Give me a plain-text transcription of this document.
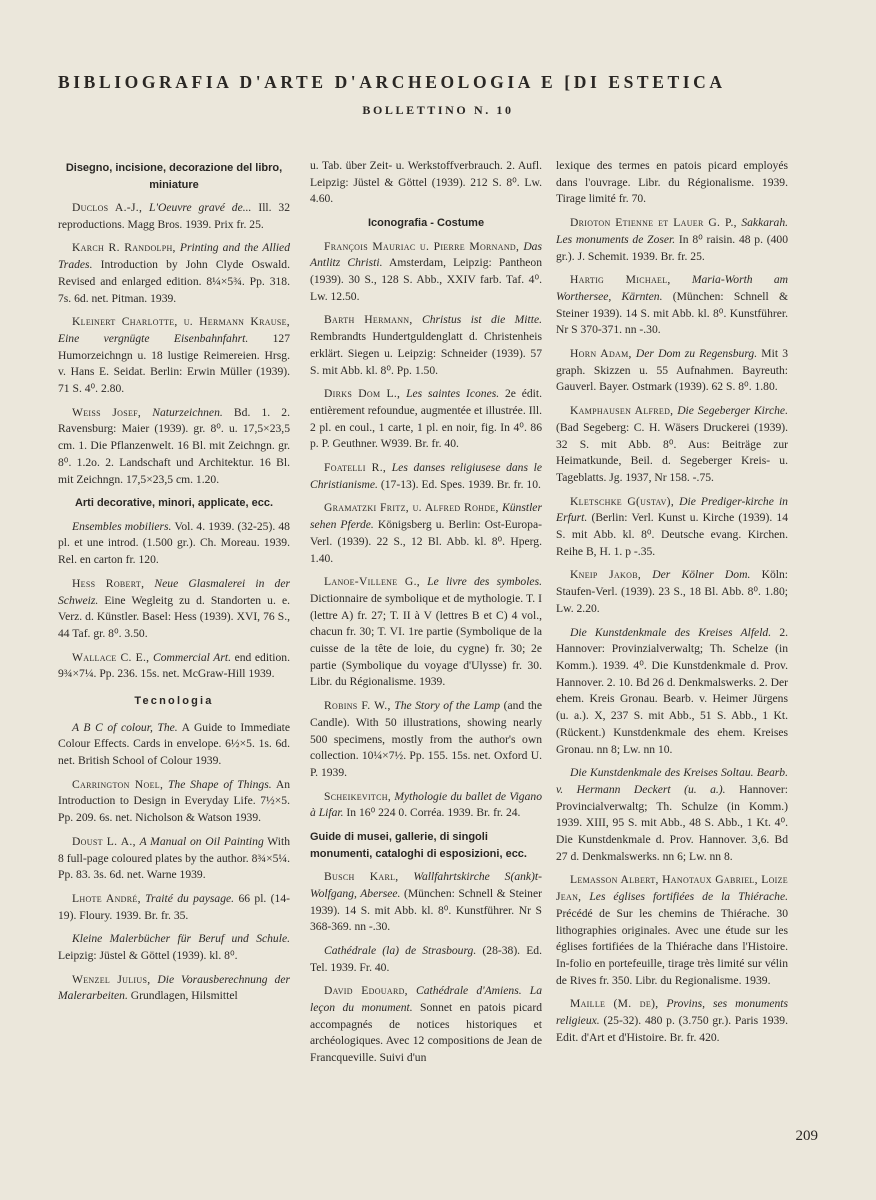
BIBLIOGRAFIA D'ARTE D'ARCHEOLOGIA E [DI ESTETICA
BOLLETTINO N. 10
Disegno, incisione, decorazione del libro, miniature
Duclos A.-J., L'Oeuvre gravé de... Ill. 32 reproductions. Magg Bros. 1939. Prix fr. 25.
Karch R. Randolph, Printing and the Allied Trades. Introduction by John Clyde Oswald. Revised and enlarged edition. 8¼×5¾. Pp. 318. 7s. 6d. net. Pitman. 1939.
Kleinert Charlotte, u. Hermann Krause, Eine vergnügte Eisenbahnfahrt. 127 Humorzeichngn u. 18 lustige Reimereien. Hrsg. v. Hans E. Seidat. Berlin: Erwin Müller (1939). 71 S. 4⁰. 2.80.
Weiss Josef, Naturzeichnen. Bd. 1. 2. Ravensburg: Maier (1939). gr. 8⁰. u. 17,5×23,5 cm. 1. Die Pflanzenwelt. 16 Bl. mit Zeichngn. gr. 8⁰. 1.2o. 2. Landschaft und Architektur. 16 Bl. mit Zeichngn. 17,5×23,5 cm. 1.20.
Arti decorative, minori, applicate, ecc.
Ensembles mobiliers. Vol. 4. 1939. (32-25). 48 pl. et une introd. (1.500 gr.). Ch. Moreau. 1939. Rel. en carton fr. 120.
Hess Robert, Neue Glasmalerei in der Schweiz. Eine Wegleitg zu d. Standorten u. e. Verz. d. Künstler. Basel: Hess (1939). XVI, 76 S., 44 Taf. gr. 8⁰. 3.50.
Wallace C. E., Commercial Art. end edition. 9¾×7¼. Pp. 236. 15s. net. McGraw-Hill 1939.
Tecnologia
A B C of colour, The. A Guide to Immediate Colour Effects. Cards in envelope. 6½×5. 1s. 6d. net. British School of Colour 1939.
Carrington Noel, The Shape of Things. An Introduction to Design in Everyday Life. 7½×5. Pp. 209. 6s. net. Nicholson & Watson 1939.
Doust L. A., A Manual on Oil Painting With 8 full-page coloured plates by the author. 8¾×5¼. Pp. 83. 3s. 6d. net. Warne 1939.
Lhote André, Traité du paysage. 66 pl. (14-19). Floury. 1939. Br. fr. 35.
Kleine Malerbücher für Beruf und Schule. Leipzig: Jüstel & Göttel (1939). kl. 8⁰.
Wenzel Julius, Die Vorausberechnung der Malerarbeiten. Grundlagen, Hilsmittel
u. Tab. über Zeit- u. Werkstoffverbrauch. 2. Aufl. Leipzig: Jüstel & Göttel (1939). 212 S. 8⁰. Lw. 4.60.
Iconografia - Costume
François Mauriac u. Pierre Mornand, Das Antlitz Christi. Amsterdam, Leipzig: Pantheon (1939). 30 S., 128 S. Abb., XXIV farb. Taf. 4⁰. Lw. 12.50.
Barth Hermann, Christus ist die Mitte. Rembrandts Hundertguldenglatt d. Christenheis erklärt. Siegen u. Leipzig: Schneider (1939). 57 S. mit Abb. kl. 8⁰. Pp. 1.50.
Dirks Dom L., Les saintes Icones. 2e édit. entièrement refoundue, augmentée et illustrée. Ill. 2 pl. en coul., 1 carte, 1 pl. en noir, fig. In 4⁰. 86 p. P. Geuthner. W939. Br. fr. 40.
Foatelli R., Les danses religiusese dans le Christianisme. (17-13). Ed. Spes. 1939. Br. fr. 10.
Gramatzki Fritz, u. Alfred Rohde, Künstler sehen Pferde. Königsberg u. Berlin: Ost-Europa-Verl. (1939). 22 S., 12 Bl. Abb. kl. 8⁰. Hperg. 1.40.
Lanoe-Villene G., Le livre des symboles. Dictionnaire de symbolique et de mythologie. T. I (lettre A) fr. 27; T. II à V (lettres B et C) 4 vol., chacun fr. 30; T. VI. 1re partie (Symbolique de la cuisse de la tête de loie, du cygne) fr. 30; 2e partie (Symbolique du voyage d'Ulysse) fr. 30. Libr. du Régionalisme. 1939.
Robins F. W., The Story of the Lamp (and the Candle). With 50 illustrations, showing nearly 500 specimens, mostly from the author's own collection. 10¼×7½. Pp. 155. 15s. net. Oxford U. P. 1939.
Scheikevitch, Mythologie du ballet de Vigano à Lifar. In 16⁰ 224 0. Corréa. 1939. Br. fr. 24.
Guide di musei, gallerie, di singoli monumenti, cataloghi di esposizioni, ecc.
Busch Karl, Wallfahrtskirche S(ank)t-Wolfgang, Abersee. (München: Schnell & Steiner 1939). 14 S. mit Abb. kl. 8⁰. Kunstführer. Nr S 368-369. nn -.30.
Cathédrale (la) de Strasbourg. (28-38). Ed. Tel. 1939. Fr. 40.
David Edouard, Cathédrale d'Amiens. La leçon du monument. Sonnet en patois picard accompagnés de notices historiques et archéologiques. Avec 12 compositions de Jean de Francqueville. Suivi d'un
lexique des termes en patois picard employés dans l'ouvrage. Libr. du Régionalisme. 1939. Tirage limité fr. 70.
Drioton Etienne et Lauer G. P., Sakkarah. Les monuments de Zoser. In 8⁰ raisin. 48 p. (400 gr.). J. Schemit. 1939. Br. fr. 25.
Hartig Michael, Maria-Worth am Worthersee, Kärnten. (München: Schnell & Steiner 1939). 14 S. mit Abb. kl. 8⁰. Kunstführer. Nr S 370-371. nn -.30.
Horn Adam, Der Dom zu Regensburg. Mit 3 graph. Skizzen u. 55 Aufnahmen. Bayreuth: Gauverl. Bayer. Ostmark (1939). 62 S. 8⁰. 1.80.
Kamphausen Alfred, Die Segeberger Kirche. (Bad Segeberg: C. H. Wäsers Druckerei (1939). 32 S. mit Abb. 8⁰. Aus: Beiträge zur Heimatkunde, Beil. d. Segeberger Kreis- u. Tageblatts. Jg. 1937, Nr 158. -.75.
Kletschke G(ustav), Die Prediger-kirche in Erfurt. (Berlin: Verl. Kunst u. Kirche (1939). 14 S. mit Abb. kl. 8⁰. Deutsche evang. Kirchen. Reihe B, H. 1. p -.35.
Kneip Jakob, Der Kölner Dom. Köln: Staufen-Verl. (1939). 23 S., 18 Bl. Abb. 8⁰. 1.80; Lw. 2.20.
Die Kunstdenkmale des Kreises Alfeld. 2. Hannover: Provinzialverwaltg; Th. Schelze (in Komm.). 1939. 4⁰. Die Kunstdenkmale d. Prov. Hannover. 2. 10. Bd 26 d. Denkmalswerks. 2. Der ehem. Kreis Gronau. Bearb. v. Heimer Jürgens (u. a.). X, 237 S. mit Abb., 51 S. Abb., 1 Kt. (Rückent.) Kunstdenkmale des ehem. Kreises Gronau. nn 8; Lw. nn 10.
Die Kunstdenkmale des Kreises Soltau. Bearb. v. Hermann Deckert (u. a.). Hannover: Provincialverwaltg; Th. Schulze (in Komm.) 1939. XIII, 95 S. mit Abb., 48 S. Abb., 1 Kt. 4⁰. Die Kunstdenkmale d. Prov. Hannover. 3,6. Bd 27 d. Denkmalswerks. nn 6; Lw. nn 8.
Lemasson Albert, Hanotaux Gabriel, Loize Jean, Les églises fortifiées de la Thiérache. Précédé de Sur les chemins de Thiérache. 30 lithographies originales. Avec une étude sur les églises fortifiées de la Thiérache dans l'Histoire. In-folio en portefeuille, tirage très limité sur vélin de Rives fr. 350. Libr. du Regionalisme. 1939.
Maille (M. de), Provins, ses monuments religieux. (25-32). 480 p. (3.750 gr.). Paris 1939. Edit. d'Art et d'Histoire. Br. fr. 420.
209
